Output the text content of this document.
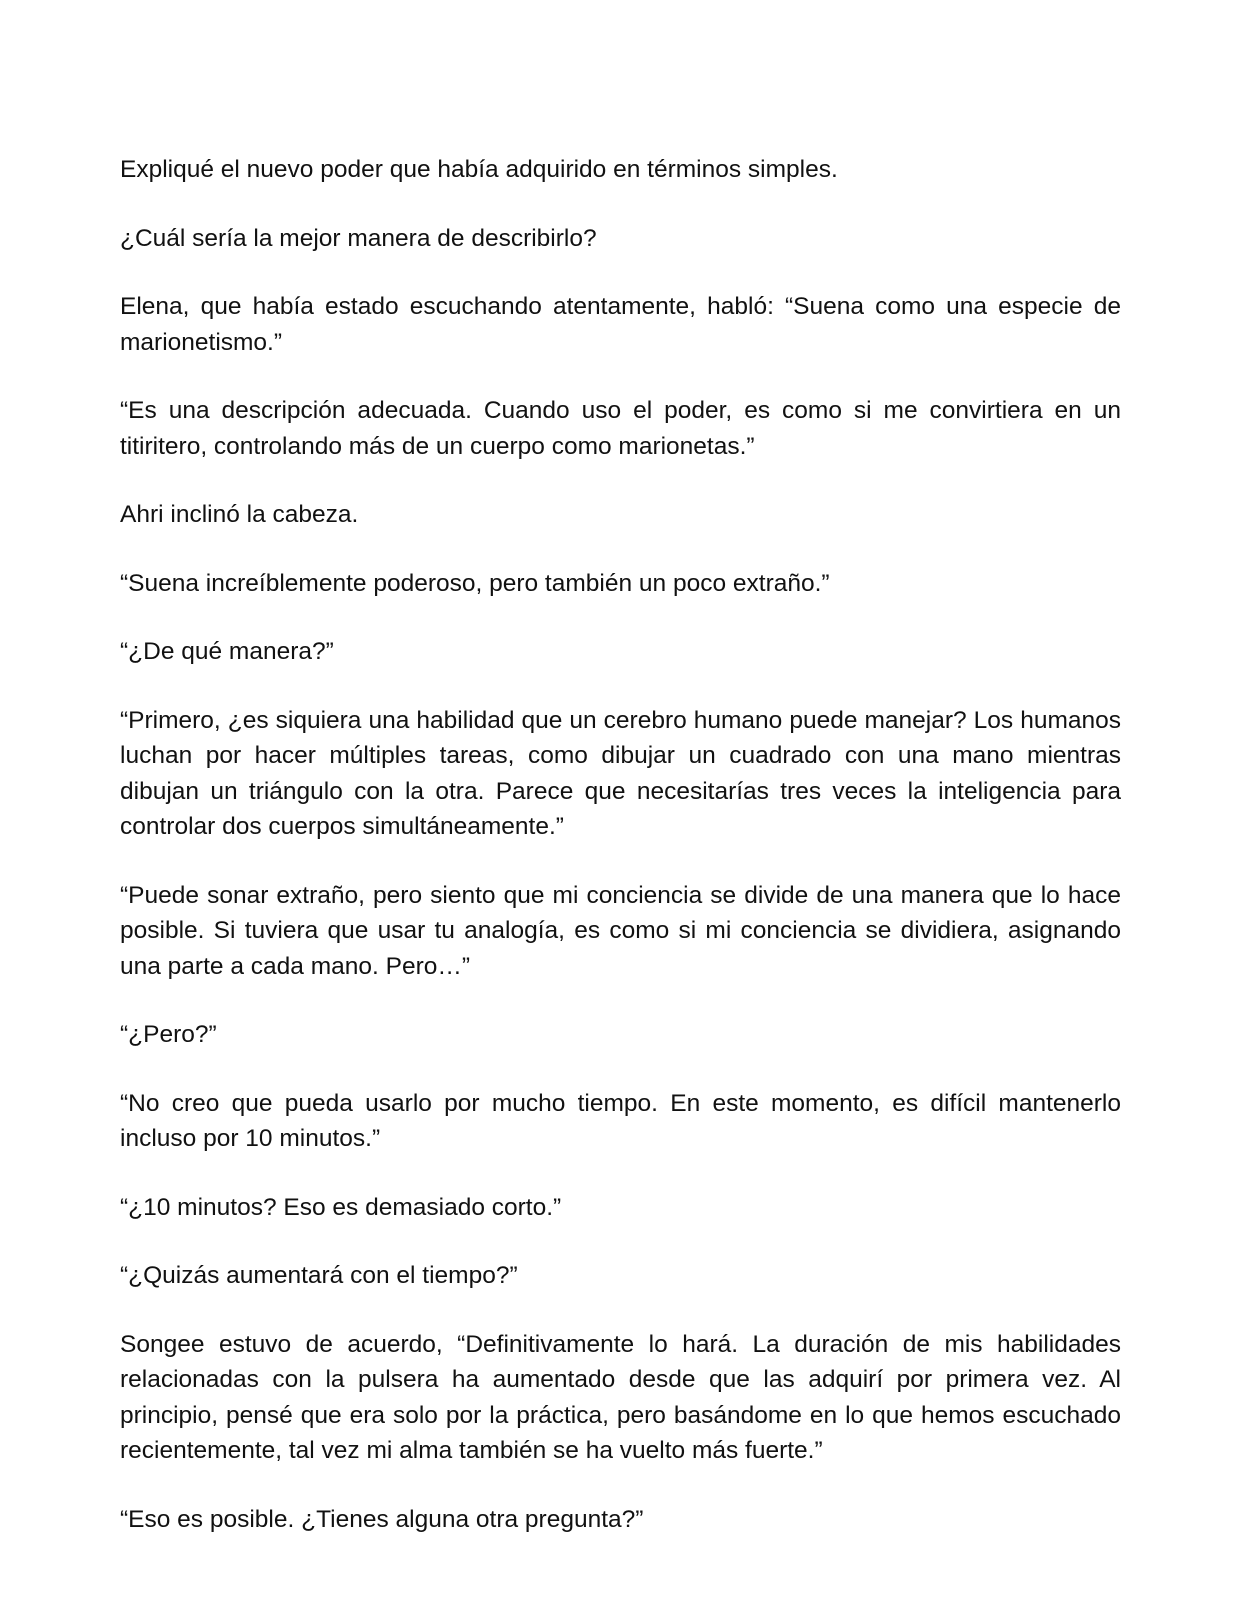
Expliqué el nuevo poder que había adquirido en términos simples.

¿Cuál sería la mejor manera de describirlo?

Elena, que había estado escuchando atentamente, habló: “Suena como una especie de marionetismo.”

“Es una descripción adecuada. Cuando uso el poder, es como si me convirtiera en un titiritero, controlando más de un cuerpo como marionetas.”

Ahri inclinó la cabeza.

“Suena increíblemente poderoso, pero también un poco extraño.”

“¿De qué manera?”

“Primero, ¿es siquiera una habilidad que un cerebro humano puede manejar? Los humanos luchan por hacer múltiples tareas, como dibujar un cuadrado con una mano mientras dibujan un triángulo con la otra. Parece que necesitarías tres veces la inteligencia para controlar dos cuerpos simultáneamente.”

“Puede sonar extraño, pero siento que mi conciencia se divide de una manera que lo hace posible. Si tuviera que usar tu analogía, es como si mi conciencia se dividiera, asignando una parte a cada mano. Pero…”

“¿Pero?”

“No creo que pueda usarlo por mucho tiempo. En este momento, es difícil mantenerlo incluso por 10 minutos.”

“¿10 minutos? Eso es demasiado corto.”

“¿Quizás aumentará con el tiempo?”

Songee estuvo de acuerdo, “Definitivamente lo hará. La duración de mis habilidades relacionadas con la pulsera ha aumentado desde que las adquirí por primera vez. Al principio, pensé que era solo por la práctica, pero basándome en lo que hemos escuchado recientemente, tal vez mi alma también se ha vuelto más fuerte.”

“Eso es posible. ¿Tienes alguna otra pregunta?”
